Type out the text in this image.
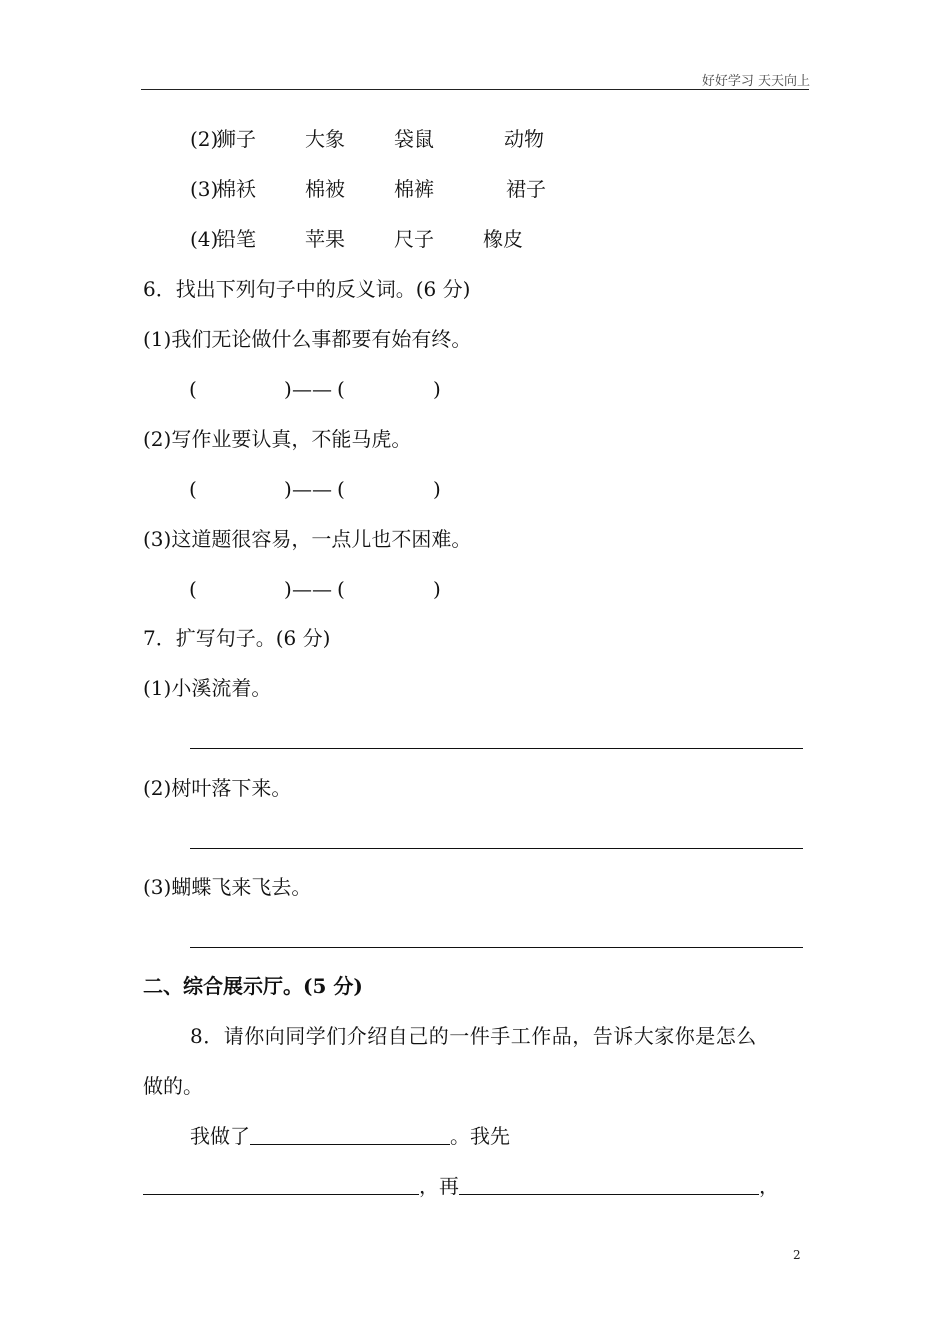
好好学习 天天向上
(2)
狮子 大象 袋鼠	动物
(3)
棉袄 棉被 棉裤	裙子
(4)
铅笔 苹果 尺子 橡皮
6．找出下列句子中的反义词。(6 分)
(1)我们无论做什么事都要有始有终。
(	) —— (	)
(2)写作业要认真，不能马虎。
(	) —— (	)
(3)这道题很容易，一点儿也不困难。
(	) —— (	)
7．扩写句子。(6 分)
(1)小溪流着。
(2)树叶落下来。
(3)蝴蝶飞来飞去。
二、综合展示厅。(5 分)
8．请你向同学们介绍自己的一件手工作品，告诉大家你是怎么
做的。
我做了	。我先
，再	，
2
